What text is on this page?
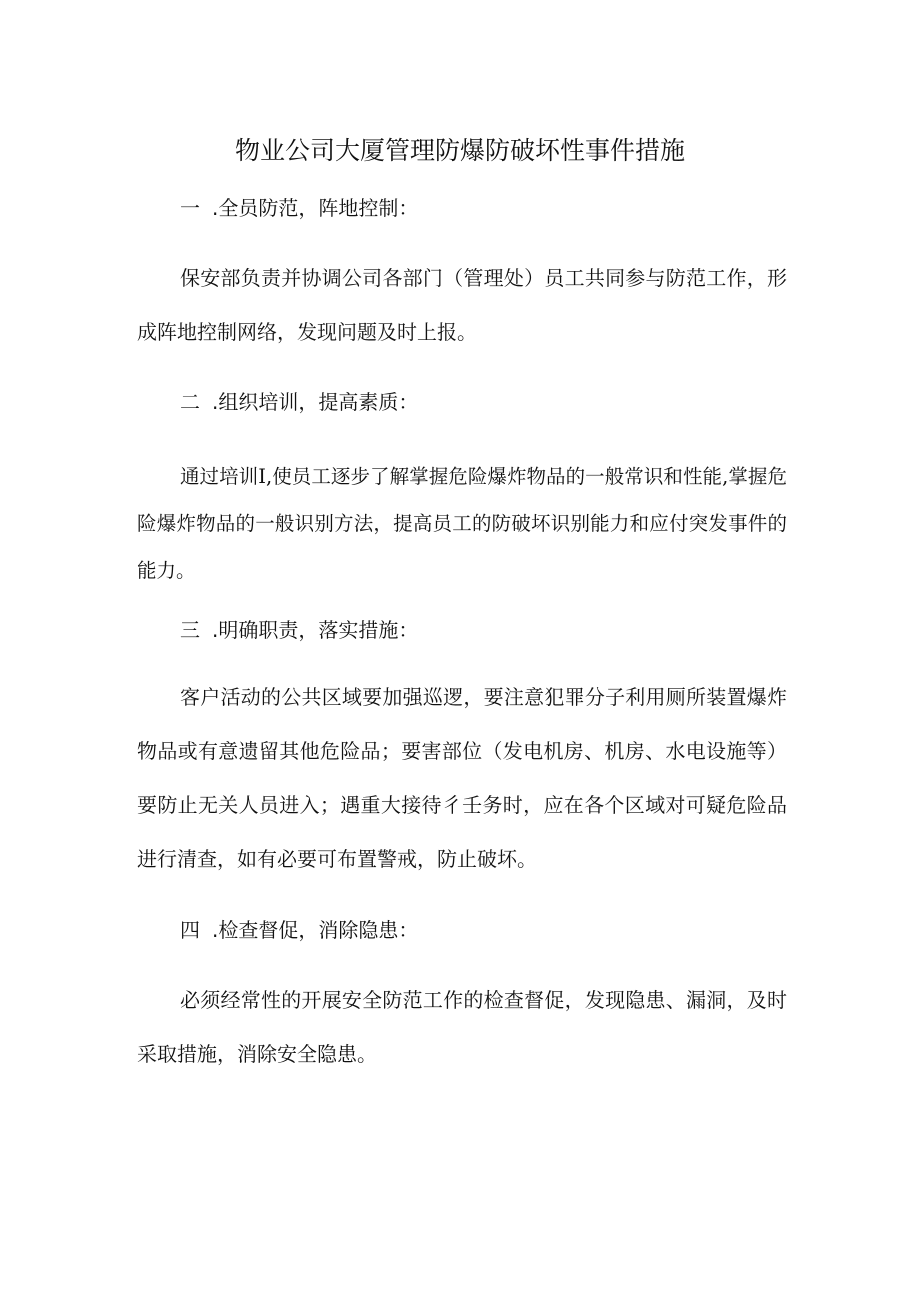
物业公司大厦管理防爆防破坏性事件措施

一 .全员防范，阵地控制：

保安部负责并协调公司各部门（管理处）员工共同参与防范工作，形成阵地控制网络，发现问题及时上报。

二 .组织培训，提高素质：

通过培训I,使员工逐步了解掌握危险爆炸物品的一般常识和性能,掌握危险爆炸物品的一般识别方法，提高员工的防破坏识别能力和应付突发事件的能力。

三 .明确职责，落实措施：

客户活动的公共区域要加强巡逻，要注意犯罪分子利用厕所装置爆炸物品或有意遗留其他危险品；要害部位（发电机房、机房、水电设施等）要防止无关人员进入；遇重大接待彳壬务时，应在各个区域对可疑危险品进行清查，如有必要可布置警戒，防止破坏。

四 .检查督促，消除隐患：

必须经常性的开展安全防范工作的检查督促，发现隐患、漏洞，及时采取措施，消除安全隐患。
